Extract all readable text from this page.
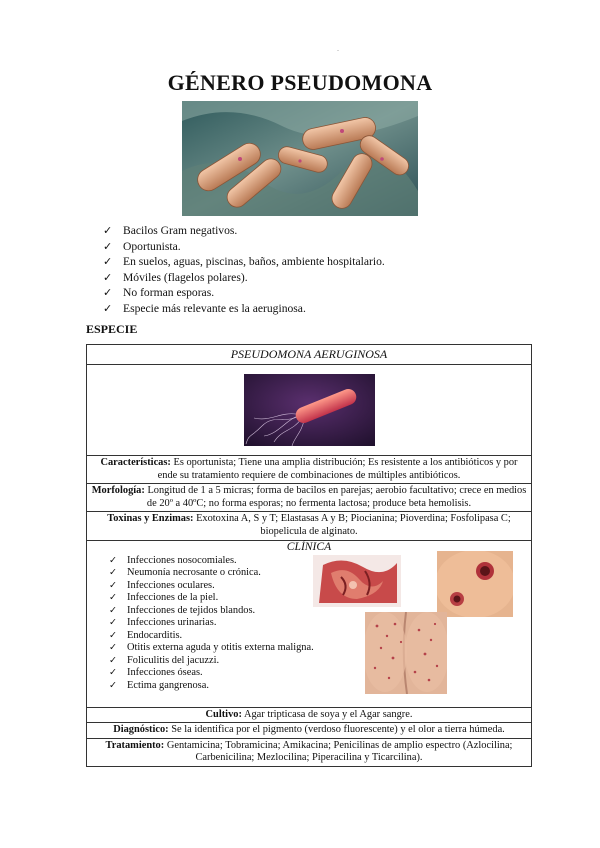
.
GÉNERO PSEUDOMONA
✓ Bacilos Gram negativos.
✓ Oportunista.
✓ En suelos, aguas, piscinas, baños, ambiente hospitalario.
✓ Móviles (flagelos polares).
✓ No forman esporas.
✓ Especie más relevante es la aeruginosa.
ESPECIE
PSEUDOMONA AERUGINOSA

Características: Es oportunista; Tiene una amplia distribución; Es resistente a los antibióticos y por ende su tratamiento requiere de combinaciones de múltiples antibióticos.
Morfología: Longitud de 1 a 5 micras; forma de bacilos en parejas; aerobio facultativo; crece en medios de 20º a 40ºC; no forma esporas; no fermenta lactosa; produce beta hemolisis.
Toxinas y Enzimas: Exotoxina A, S y T; Elastasas A y B; Piocianina; Pioverdina; Fosfolipasa C; biopelicula de alginato.

CLÍNICA
✓ Infecciones nosocomiales.
✓ Neumonía necrosante o crónica.
✓ Infecciones oculares.
✓ Infecciones de la piel.
✓ Infecciones de tejidos blandos.
✓ Infecciones urinarias.
✓ Endocarditis.
✓ Otitis externa aguda y otitis externa maligna.
✓ Foliculitis del jacuzzi.
✓ Infecciones óseas.
✓ Ectima gangrenosa.

Cultivo: Agar tripticasa de soya y el Agar sangre.
Diagnóstico: Se la identifica por el pigmento (verdoso fluorescente) y el olor a tierra húmeda.
Tratamiento: Gentamicina; Tobramicina; Amikacina; Penicilinas de amplio espectro (Azlocilina; Carbenicilina; Mezlocilina; Piperacilina y Ticarcilina).
